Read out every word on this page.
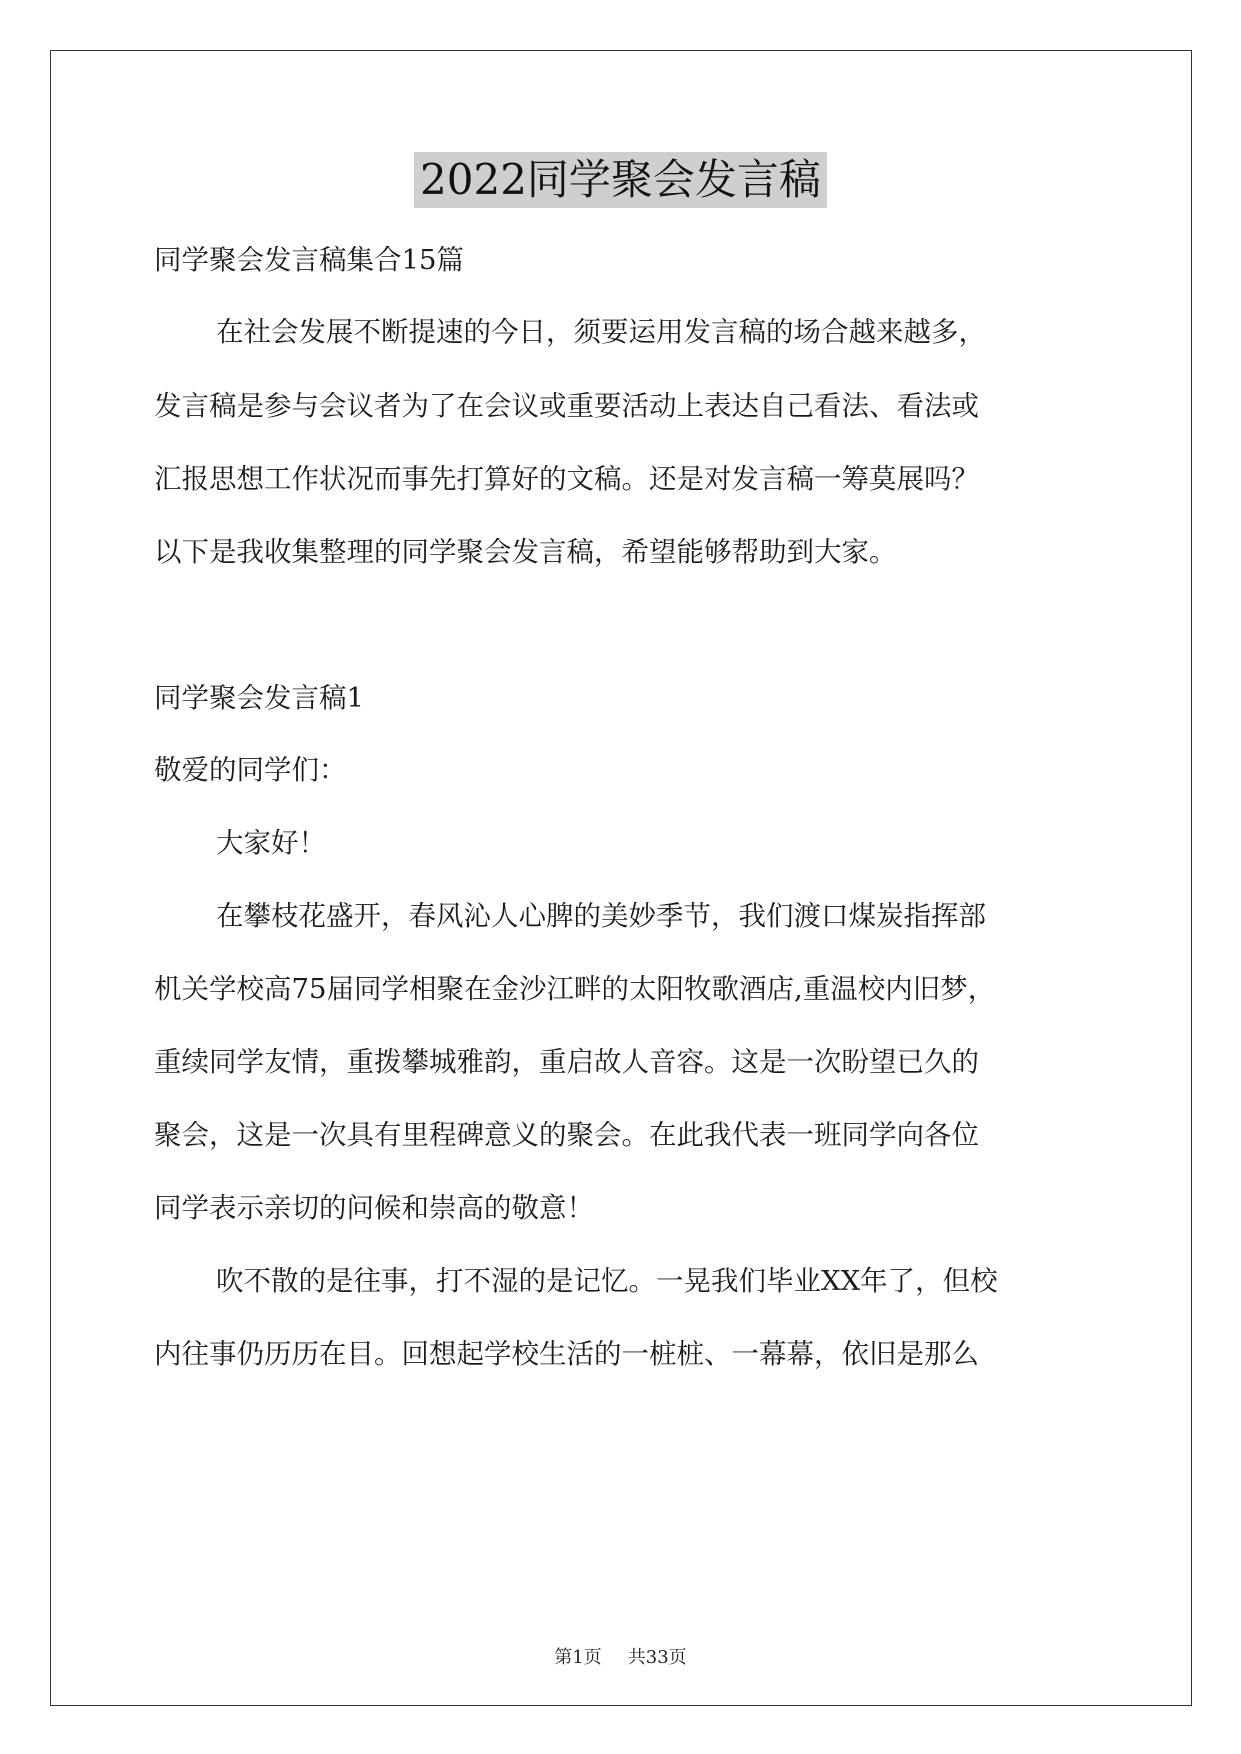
2022同学聚会发言稿
同学聚会发言稿集合15篇
在社会发展不断提速的今日，须要运用发言稿的场合越来越多，
发言稿是参与会议者为了在会议或重要活动上表达自己看法、看法或
汇报思想工作状况而事先打算好的文稿。还是对发言稿一筹莫展吗？
以下是我收集整理的同学聚会发言稿，希望能够帮助到大家。
同学聚会发言稿1
敬爱的同学们：
大家好！
在攀枝花盛开，春风沁人心脾的美妙季节，我们渡口煤炭指挥部
机关学校高75届同学相聚在金沙江畔的太阳牧歌酒店,重温校内旧梦，
重续同学友情，重拨攀城雅韵，重启故人音容。这是一次盼望已久的
聚会，这是一次具有里程碑意义的聚会。在此我代表一班同学向各位
同学表示亲切的问候和崇高的敬意！
吹不散的是往事，打不湿的是记忆。一晃我们毕业XX年了，但校
内往事仍历历在目。回想起学校生活的一桩桩、一幕幕，依旧是那么
第1页 共33页
